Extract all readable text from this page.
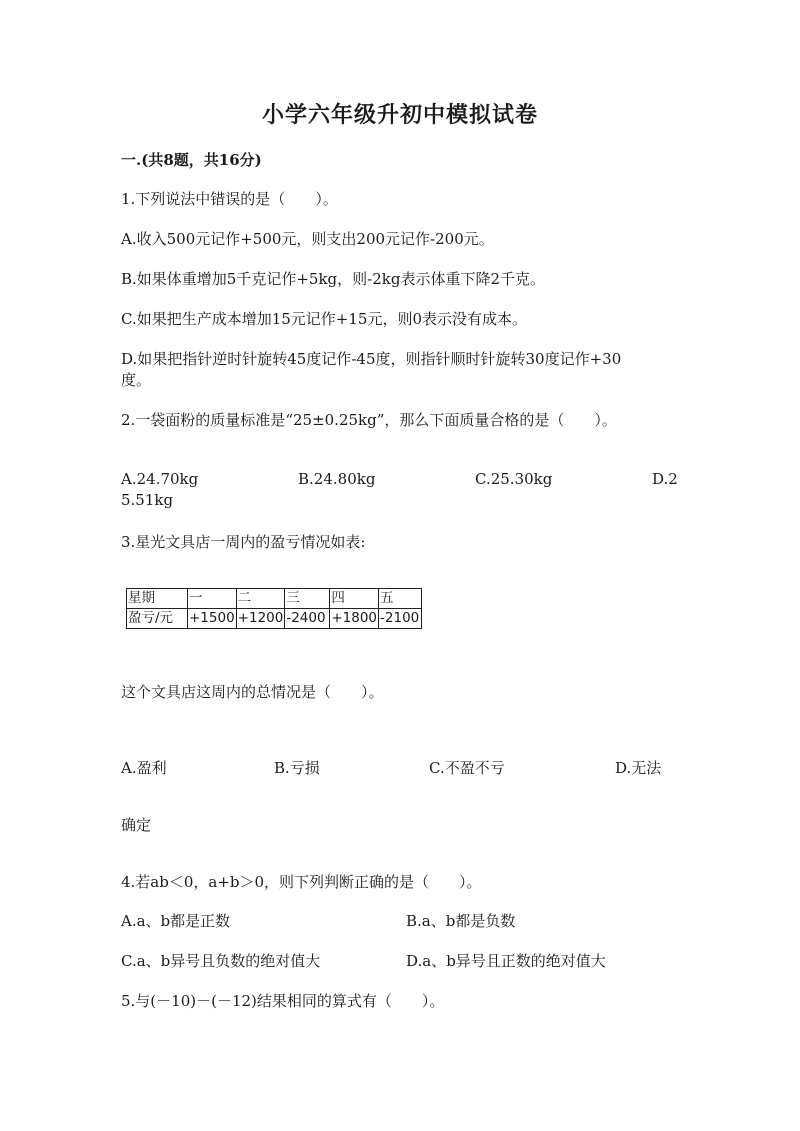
小学六年级升初中模拟试卷
一.(共8题，共16分)
1.下列说法中错误的是（　　）。
A.收入500元记作+500元，则支出200元记作-200元。
B.如果体重增加5千克记作+5kg，则-2kg表示体重下降2千克。
C.如果把生产成本增加15元记作+15元，则0表示没有成本。
D.如果把指针逆时针旋转45度记作-45度，则指针顺时针旋转30度记作+30
度。
2.一袋面粉的质量标准是“25±0.25kg”，那么下面质量合格的是（　　）。
A.24.70kg	B.24.80kg	C.25.30kg	D.2
5.51kg
3.星光文具店一周内的盈亏情况如表:
星期	一	二	三	四	五
盈亏/元	+1500	+1200	-2400	+1800	-2100
这个文具店这周内的总情况是（　　）。
A.盈利	B.亏损	C.不盈不亏	D.无法
确定
4.若ab＜0，a+b＞0，则下列判断正确的是（　　）。
A.a、b都是正数	B.a、b都是负数
C.a、b异号且负数的绝对值大	D.a、b异号且正数的绝对值大
5.与(－10)－(－12)结果相同的算式有（　　）。
